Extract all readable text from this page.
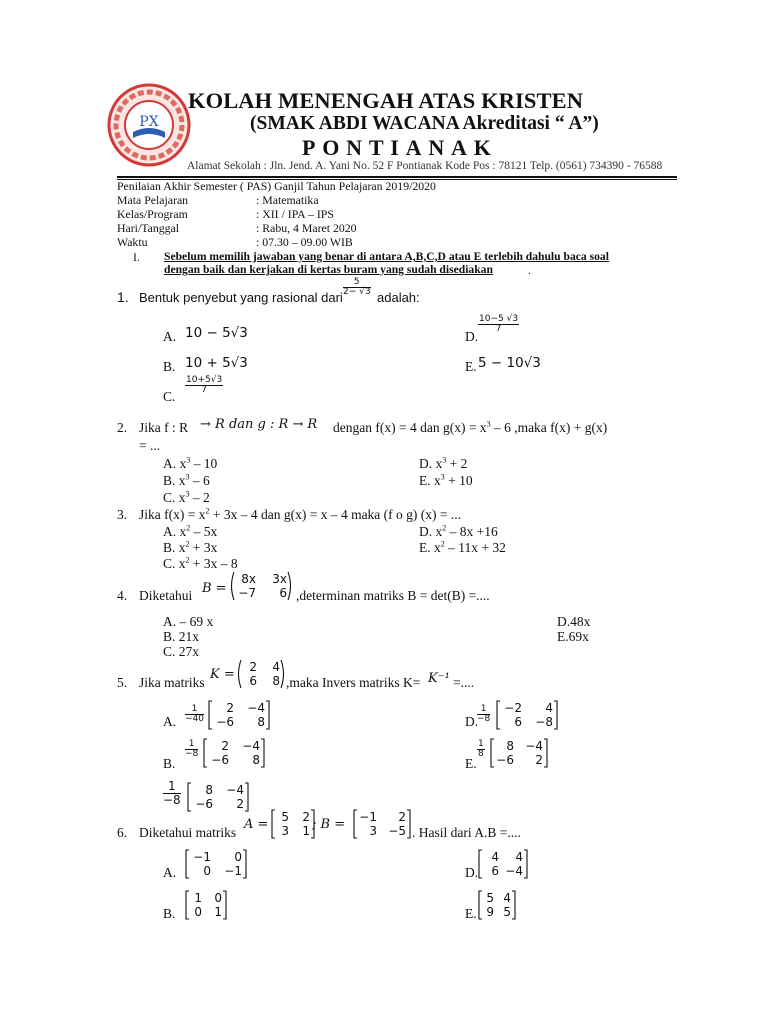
PX
KOLAH MENENGAH ATAS KRISTEN
(SMAK ABDI WACANA Akreditasi “ A”)
PONTIANAK
Alamat Sekolah : Jln. Jend. A. Yani No. 52 F Pontianak Kode Pos : 78121 Telp. (0561) 734390 - 76588
Penilaian Akhir Semester ( PAS) Ganjil Tahun Pelajaran 2019/2020
Mata Pelajaran	: Matematika
Kelas/Program	: XII / IPA – IPS
Hari/Tanggal	: Rabu, 4 Maret 2020
Waktu	: 07.30 – 09.00 WIB
I. Sebelum memilih jawaban yang benar di antara A,B,C,D atau E terlebih dahulu baca soal
dengan baik dan kerjakan di kertas buram yang sudah disediakan	.
1. Bentuk penyebut yang rasional dari $\frac{5}{2- √3}$ adalah:
A. 10 − 5√3
B. 10 + 5√3
C.
$\frac{10+5√3}{7}$
D.
$\frac{10-5 √3}{7}$
E. 5 − 10√3
2. Jika f : R → R dan g : R → R dengan f(x) = 4 dan $g(x) = x^3 - 6$ ,maka f(x) + g(x)
= ...
A. $x^3 - 10$
B. $x^3 - 6$
C. $x^3 - 2$
D. $x^3 + 2$
E. $x^3 + 10$
3. Jika $f(x) = x^2 + 3x - 4$ dan g(x) = x – 4 maka (f o g) (x) = ...
A. $x^2 - 5x$
B. $x^2 + 3x$
C. $x^2 + 3x - 8$
D. $x^2 - 8x +16$
E. $x^2 - 11x + 32$
4. Diketahui B =
8x 3x
−7 6 ,determinan matriks B = det(B) =....
A. – 69 x
B. 21x
C. 27x
D.48x
E.69x
5. Jika matriks
K = 2 4
6 8 ,maka Invers matriks K= K⁻¹ =....
A. $\frac{1}{-40} 2 -4$
−6 8
B.
$\frac{1}{-8} 2 -4$
−6 8
$\frac{1}{-8} 8 -4$
−6 2
D.
$\frac{1}{-8} -2$ 4
6 −8
E.
$\frac{1}{8} 8 -4$
−6 2
6. Diketahui matriks
A = 5 2
3 1 ; B = −1 2
3 −5 . Hasil dari A.B =....
A.
−1 0
0 −1
B.
1 0
0 1
D.
4 4
6 −4
E.
5 4
9 5
